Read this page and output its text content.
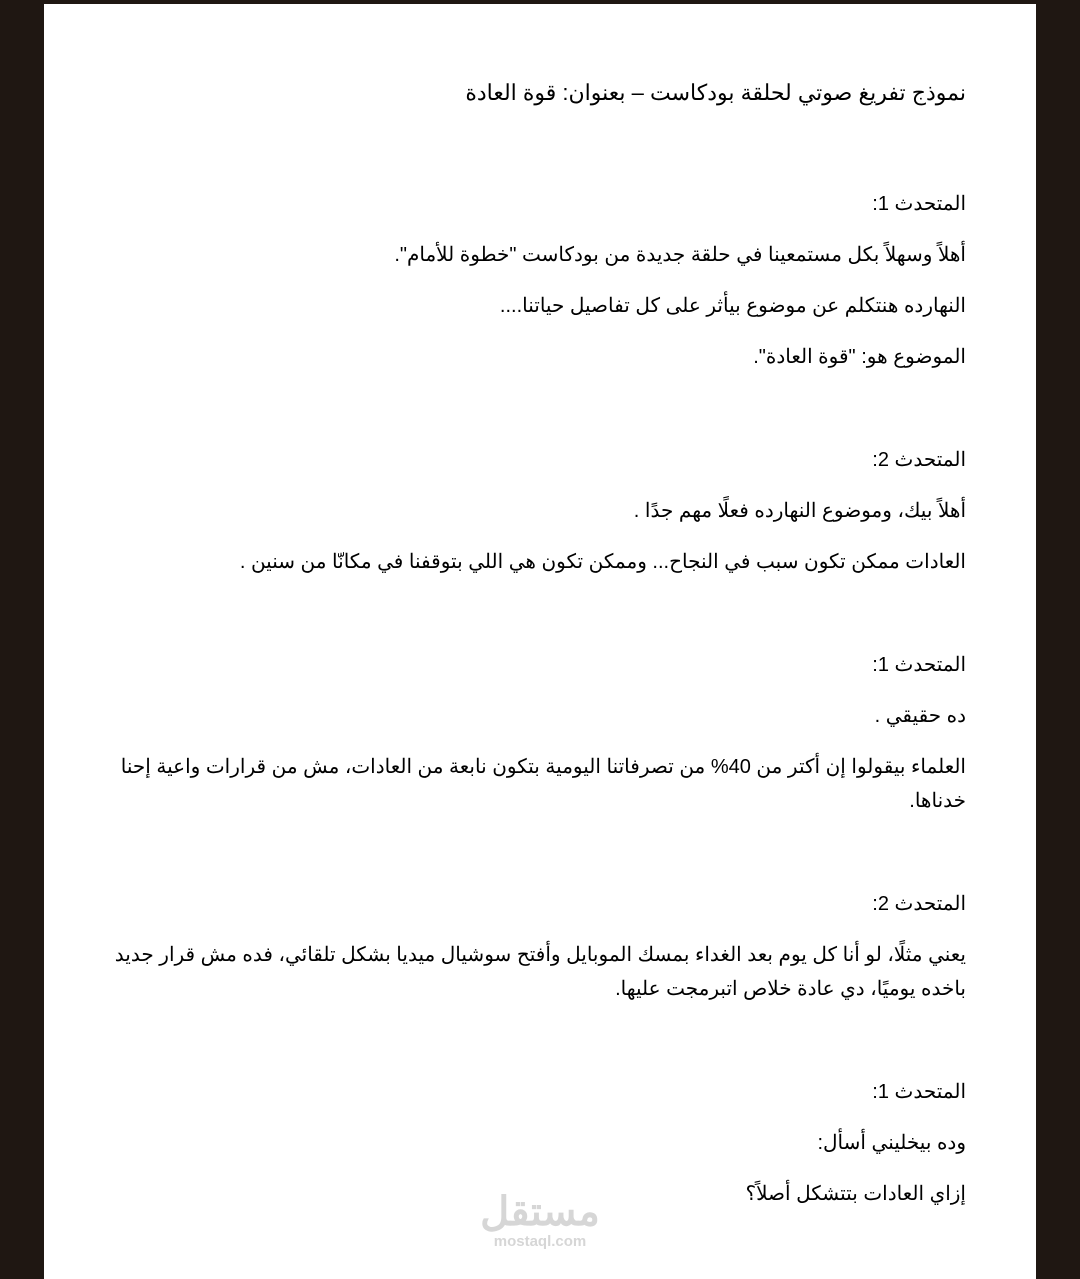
نموذج تفريغ صوتي لحلقة بودكاست – بعنوان: قوة العادة
المتحدث 1:
أهلاً وسهلاً بكل مستمعينا في حلقة جديدة من بودكاست "خطوة للأمام".
النهارده هنتكلم عن موضوع بيأثر على كل تفاصيل حياتنا....
الموضوع هو: "قوة العادة".
المتحدث 2:
أهلاً بيك، وموضوع النهارده فعلًا مهم جدًا .
العادات ممكن تكون سبب في النجاح... وممكن تكون هي اللي بتوقفنا في مكانّا من سنين .
المتحدث 1:
ده حقيقي .
العلماء بيقولوا إن أكتر من 40% من تصرفاتنا اليومية بتكون نابعة من العادات، مش من قرارات واعية إحنا خدناها.
المتحدث 2:
يعني مثلًا، لو أنا كل يوم بعد الغداء بمسك الموبايل وأفتح سوشيال ميديا بشكل تلقائي، فده مش قرار جديد باخده يوميًا، دي عادة خلاص اتبرمجت عليها.
المتحدث 1:
وده بيخليني أسأل:
إزاي العادات بتتشكل أصلاً؟
مستقل
mostaql.com
